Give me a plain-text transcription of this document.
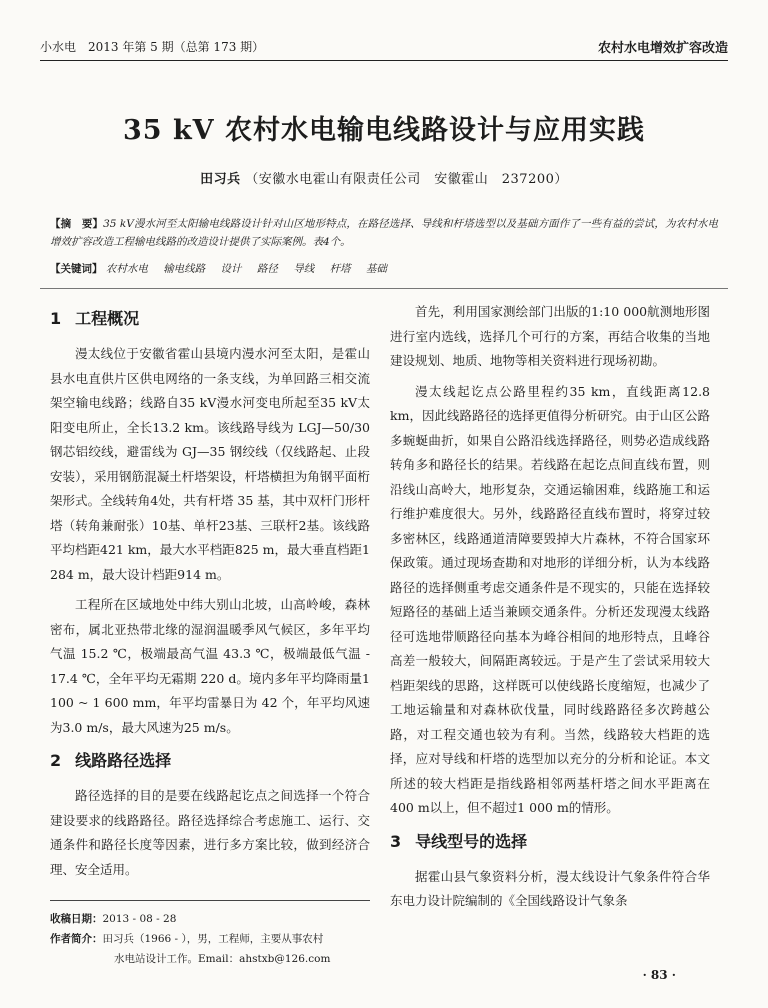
小水电　2013 年第 5 期（总第 173 期）	农村水电增效扩容改造
35 kV 农村水电输电线路设计与应用实践
田习兵 （安徽水电霍山有限责任公司　安徽霍山　237200）
【摘　要】35 kV漫水河至太阳输电线路设计针对山区地形特点，在路径选择、导线和杆塔选型以及基础方面作了一些有益的尝试，为农村水电增效扩容改造工程输电线路的改造设计提供了实际案例。表4个。
【关键词】 农村水电 输电线路 设计 路径 导线 杆塔 基础
1 工程概况

漫太线位于安徽省霍山县境内漫水河至太阳，是霍山县水电直供片区供电网络的一条支线，为单回路三相交流架空输电线路；线路自35 kV漫水河变电所起至35 kV太阳变电所止，全长13.2 km。该线路导线为 LGJ—50/30 钢芯铝绞线，避雷线为 GJ—35 钢绞线（仅线路起、止段安装），采用钢筋混凝土杆塔架设，杆塔横担为角钢平面桁架形式。全线转角4处，共有杆塔 35 基，其中双杆门形杆塔（转角兼耐张）10基、单杆23基、三联杆2基。该线路平均档距421 km，最大水平档距825 m，最大垂直档距1 284 m，最大设计档距914 m。

工程所在区域地处中纬大别山北坡，山高岭峻，森林密布，属北亚热带北缘的湿润温暖季风气候区，多年平均气温 15.2 ℃，极端最高气温 43.3 ℃，极端最低气温 - 17.4 ℃，全年平均无霜期 220 d。境内多年平均降雨量1 100 ~ 1 600 mm，年平均雷暴日为 42 个，年平均风速为3.0 m/s，最大风速为25 m/s。

2 线路路径选择

路径选择的目的是要在线路起讫点之间选择一个符合建设要求的线路路径。路径选择综合考虑施工、运行、交通条件和路径长度等因素，进行多方案比较，做到经济合理、安全适用。

首先，利用国家测绘部门出版的1:10 000航测地形图进行室内选线，选择几个可行的方案，再结合收集的当地建设规划、地质、地物等相关资料进行现场初勘。

漫太线起讫点公路里程约35 km，直线距离12.8 km，因此线路路径的选择更值得分析研究。由于山区公路多蜿蜒曲折，如果自公路沿线选择路径，则势必造成线路转角多和路径长的结果。若线路在起讫点间直线布置，则沿线山高岭大，地形复杂，交通运输困难，线路施工和运行维护难度很大。另外，线路路径直线布置时，将穿过较多密林区，线路通道清障要毁掉大片森林，不符合国家环保政策。通过现场查勘和对地形的详细分析，认为本线路路径的选择侧重考虑交通条件是不现实的，只能在选择较短路径的基础上适当兼顾交通条件。分析还发现漫太线路径可选地带顺路径向基本为峰谷相间的地形特点，且峰谷高差一般较大，间隔距离较远。于是产生了尝试采用较大档距架线的思路，这样既可以使线路长度缩短，也减少了工地运输量和对森林砍伐量，同时线路路径多次跨越公路，对工程交通也较为有利。当然，线路较大档距的选择，应对导线和杆塔的选型加以充分的分析和论证。本文所述的较大档距是指线路相邻两基杆塔之间水平距离在400 m以上，但不超过1 000 m的情形。

3 导线型号的选择

据霍山县气象资料分析，漫太线设计气象条件符合华东电力设计院编制的《全国线路设计气象条

收稿日期：2013 - 08 - 28
作者简介：田习兵（1966 - ），男，工程师，主要从事农村
水电站设计工作。Email：ahstxb@126.com
· 83 ·
